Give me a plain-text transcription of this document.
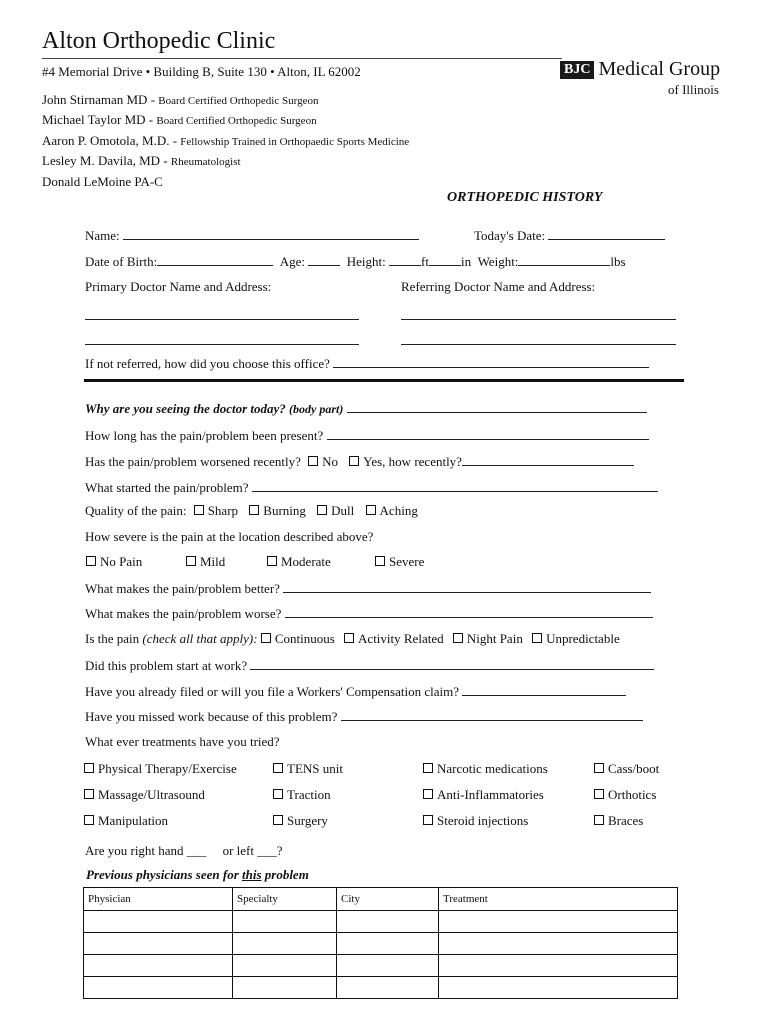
Alton Orthopedic Clinic
#4 Memorial Drive • Building B, Suite 130 • Alton, IL 62002	BJC Medical Group
of Illinois
John Stirnaman MD - Board Certified Orthopedic Surgeon
Michael Taylor MD - Board Certified Orthopedic Surgeon
Aaron P. Omotola, M.D. - Fellowship Trained in Orthopaedic Sports Medicine
Lesley M. Davila, MD - Rheumatologist
Donald LeMoine PA-C
ORTHOPEDIC HISTORY
Name:	Today's Date:
Date of Birth:	Age:	Height:	ft in Weight:	lbs
Primary Doctor Name and Address:	Referring Doctor Name and Address:
If not referred, how did you choose this office?
Why are you seeing the doctor today? (body part)
How long has the pain/problem been present?
Has the pain/problem worsened recently? No Yes, how recently?
What started the pain/problem?
Quality of the pain: Sharp Burning Dull Aching
How severe is the pain at the location described above?
No Pain	Mild	Moderate	Severe
What makes the pain/problem better?
What makes the pain/problem worse?
Is the pain (check all that apply): Continuous Activity Related Night Pain Unpredictable
Did this problem start at work?
Have you already filed or will you file a Workers' Compensation claim?
Have you missed work because of this problem?
What ever treatments have you tried?
Physical Therapy/Exercise	TENS unit	Narcotic medications	Cass/boot
Massage/Ultrasound	Traction	Anti-Inflammatories	Orthotics
Manipulation	Surgery	Steroid injections	Braces
Are you right hand ___ or left ___?
Previous physicians seen for this problem
Physician	Specialty	City	Treatment
